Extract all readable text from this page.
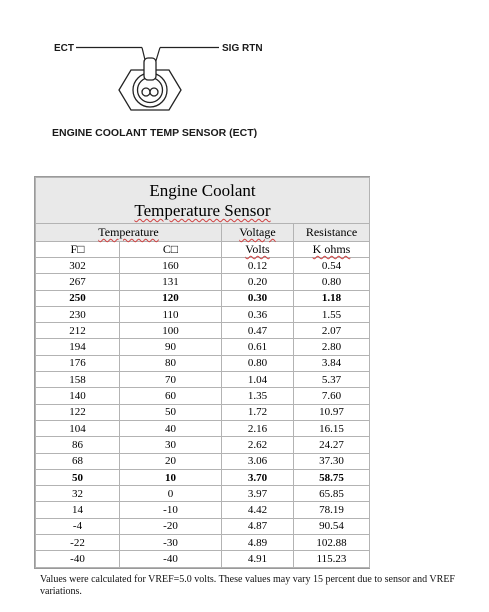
ECT	SIG RTN
ENGINE COOLANT TEMP SENSOR (ECT)
Engine Coolant
Temperature Sensor			

Temperature		Voltage	Resistance
F□	C□	Volts	K ohms
302	160	0.12	0.54
267	131	0.20	0.80
250	120	0.30	1.18
230	110	0.36	1.55
212	100	0.47	2.07
194	90	0.61	2.80
176	80	0.80	3.84
158	70	1.04	5.37
140	60	1.35	7.60
122	50	1.72	10.97
104	40	2.16	16.15
86	30	2.62	24.27
68	20	3.06	37.30
50	10	3.70	58.75
32	0	3.97	65.85
14	-10	4.42	78.19
-4	-20	4.87	90.54
-22	-30	4.89	102.88
-40	-40	4.91	115.23
Values were calculated for VREF=5.0 volts. These values may vary 15 percent due to sensor and VREF variations.
